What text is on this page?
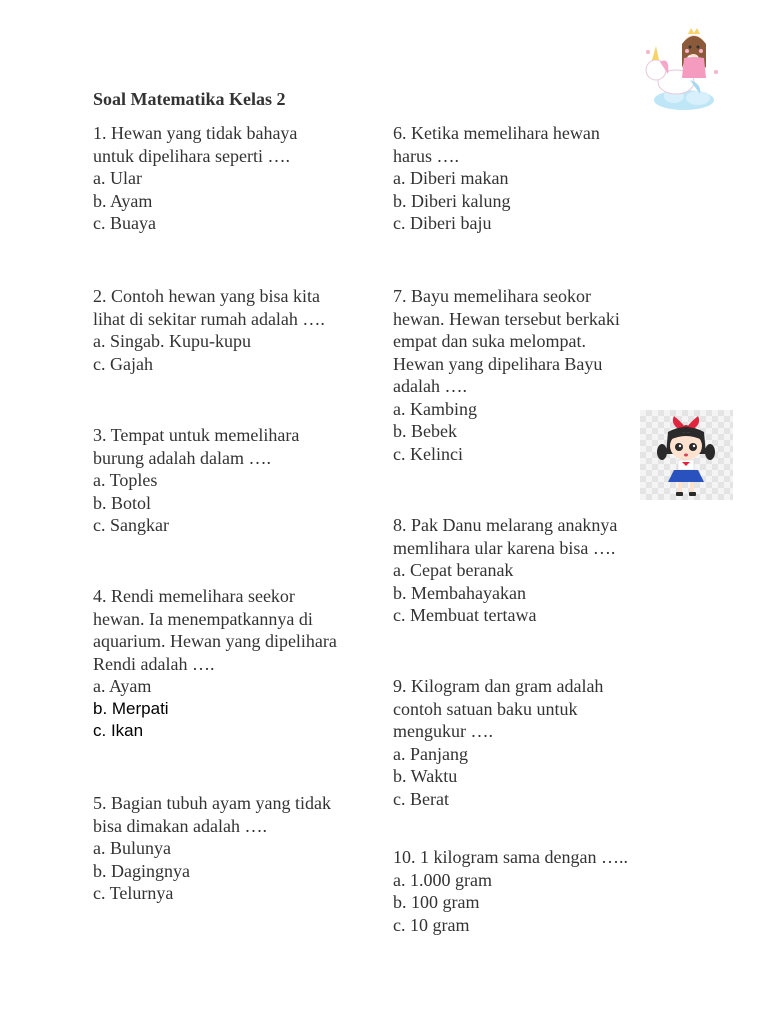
Soal Matematika Kelas 2
1. Hewan yang tidak bahaya
untuk dipelihara seperti ….
a. Ular
b. Ayam
c. Buaya
2. Contoh hewan yang bisa kita
lihat di sekitar rumah adalah ….
a. Singab. Kupu-kupu
c. Gajah
3. Tempat untuk memelihara
burung adalah dalam ….
a. Toples
b. Botol
c. Sangkar
4. Rendi memelihara seekor
hewan. Ia menempatkannya di
aquarium. Hewan yang dipelihara
Rendi adalah ….
a. Ayam
b. Merpati
c. Ikan
5. Bagian tubuh ayam yang tidak
bisa dimakan adalah ….
a. Bulunya
b. Dagingnya
c. Telurnya
6. Ketika memelihara hewan
harus ….
a. Diberi makan
b. Diberi kalung
c. Diberi baju
7. Bayu memelihara seokor
hewan. Hewan tersebut berkaki
empat dan suka melompat.
Hewan yang dipelihara Bayu
adalah ….
a. Kambing
b. Bebek
c. Kelinci
8. Pak Danu melarang anaknya
memlihara ular karena bisa ….
a. Cepat beranak
b. Membahayakan
c. Membuat tertawa
9. Kilogram dan gram adalah
contoh satuan baku untuk
mengukur ….
a. Panjang
b. Waktu
c. Berat
10. 1 kilogram sama dengan …..
a. 1.000 gram
b. 100 gram
c. 10 gram
